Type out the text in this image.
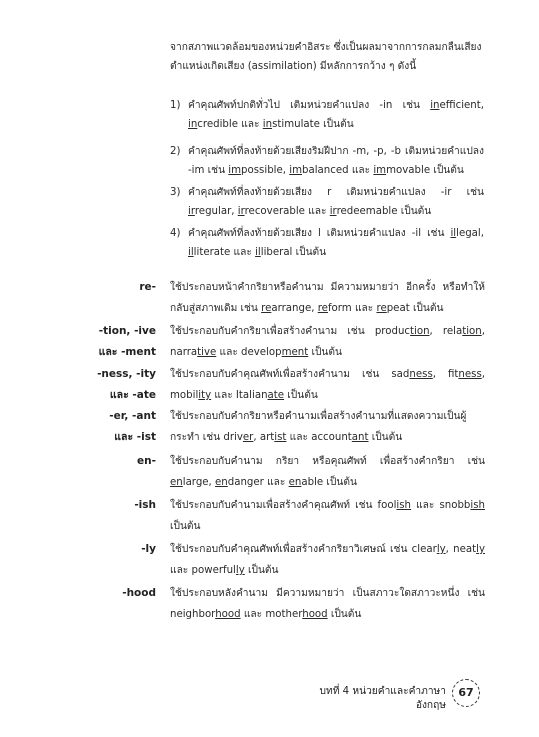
จากสภาพแวดล้อมของหน่วยคำอิสระ ซึ่งเป็นผลมาจากการกลมกลืนเสียง
ตำแหน่งเกิดเสียง (assimilation) มีหลักการกว้าง ๆ ดังนี้

1) คำคุณศัพท์ปกติทั่วไป เติมหน่วยคำแปลง -in เช่น inefficient, incredible และ instimulate เป็นต้น
2) คำคุณศัพท์ที่ลงท้ายด้วยเสียงริมฝีปาก -m, -p, -b เติมหน่วยคำแปลง -im เช่น impossible, imbalanced และ immovable เป็นต้น
3) คำคุณศัพท์ที่ลงท้ายด้วยเสียง r เติมหน่วยคำแปลง -ir เช่น irregular, irrecoverable และ irredeemable เป็นต้น
4) คำคุณศัพท์ที่ลงท้ายด้วยเสียง l เติมหน่วยคำแปลง -il เช่น illegal, illiterate และ illiberal เป็นต้น
re- ใช้ประกอบหน้าคำกริยาหรือคำนาม มีความหมายว่า อีกครั้ง หรือทำให้กลับสู่สภาพเดิม เช่น rearrange, reform และ repeat เป็นต้น
-tion, -ive
และ -ment
ใช้ประกอบกับคำกริยาเพื่อสร้างคำนาม เช่น production, relation, narrative และ development เป็นต้น
-ness, -ity
และ -ate
ใช้ประกอบกับคำคุณศัพท์เพื่อสร้างคำนาม เช่น sadness, fitness, mobility และ Italianate เป็นต้น
-er, -ant
และ -ist
ใช้ประกอบกับคำกริยาหรือคำนามเพื่อสร้างคำนามที่แสดงความเป็นผู้กระทำ เช่น driver, artist และ accountant เป็นต้น
en- ใช้ประกอบกับคำนาม กริยา หรือคุณศัพท์ เพื่อสร้างคำกริยา เช่น enlarge, endanger และ enable เป็นต้น
-ish ใช้ประกอบกับคำนามเพื่อสร้างคำคุณศัพท์ เช่น foolish และ snobbish เป็นต้น
-ly ใช้ประกอบกับคำคุณศัพท์เพื่อสร้างคำกริยาวิเศษณ์ เช่น clearly, neatly และ powerfully เป็นต้น
-hood ใช้ประกอบหลังคำนาม มีความหมายว่า เป็นสภาวะใดสภาวะหนึ่ง เช่น neighborhood และ motherhood เป็นต้น
บทที่ 4 หน่วยคำและคำภาษาอังกฤษ
67
